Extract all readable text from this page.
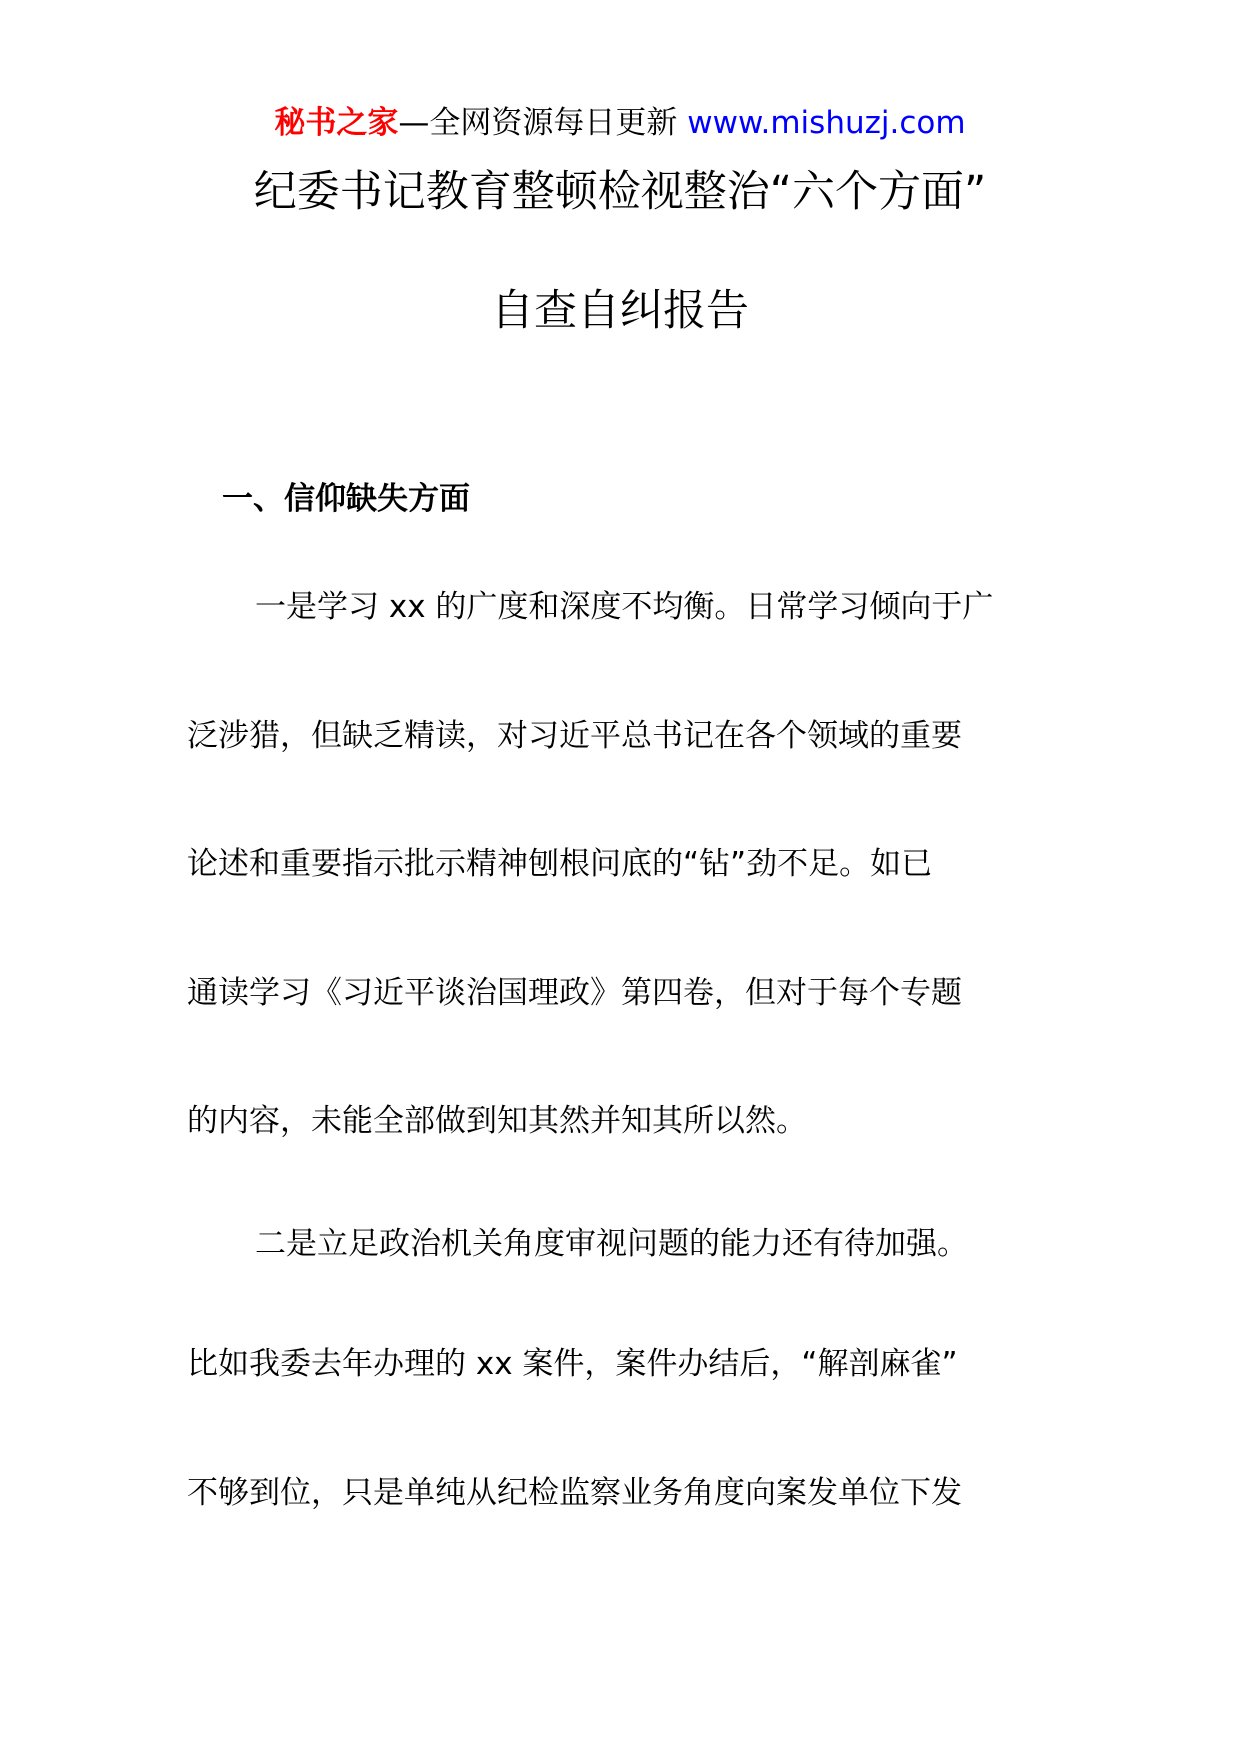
秘书之家—全网资源每日更新 www.mishuzj.com
纪委书记教育整顿检视整治“六个方面”
自查自纠报告
一、信仰缺失方面
一是学习 xx 的广度和深度不均衡。日常学习倾向于广
泛涉猎，但缺乏精读，对习近平总书记在各个领域的重要
论述和重要指示批示精神刨根问底的“钻”劲不足。如已
通读学习《习近平谈治国理政》第四卷，但对于每个专题
的内容，未能全部做到知其然并知其所以然。
二是立足政治机关角度审视问题的能力还有待加强。
比如我委去年办理的 xx 案件，案件办结后，“解剖麻雀”
不够到位，只是单纯从纪检监察业务角度向案发单位下发
